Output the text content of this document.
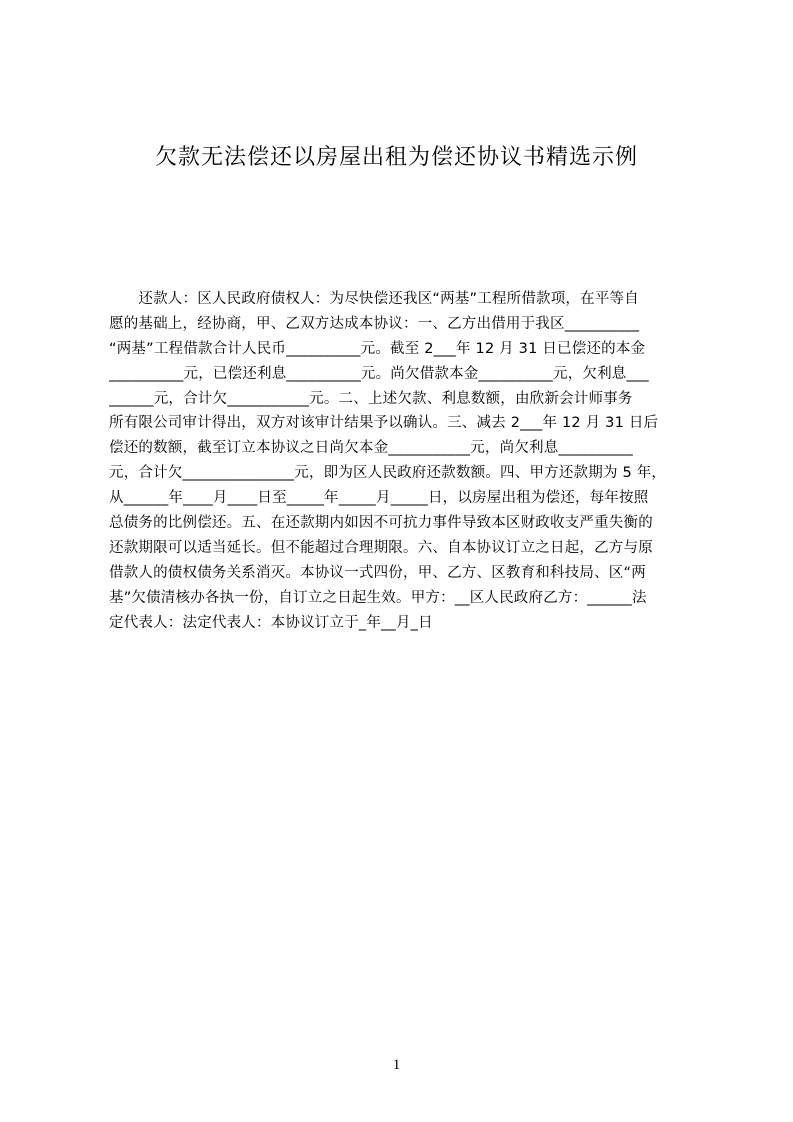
欠款无法偿还以房屋出租为偿还协议书精选示例
　　还款人：区人民政府债权人：为尽快偿还我区“两基”工程所借款项，在平等自
愿的基础上，经协商，甲、乙双方达成本协议：一、乙方出借用于我区__________
“两基”工程借款合计人民币__________元。截至 2___年 12 月 31 日已偿还的本金
__________元，已偿还利息__________元。尚欠借款本金__________元，欠利息___
______元，合计欠___________元。二、上述欠款、利息数额，由欣新会计师事务
所有限公司审计得出，双方对该审计结果予以确认。三、减去 2___年 12 月 31 日后
偿还的数额，截至订立本协议之日尚欠本金___________元，尚欠利息__________
元，合计欠_______________元，即为区人民政府还款数额。四、甲方还款期为 5 年，
从______年____月____日至_____年_____月_____日，以房屋出租为偿还，每年按照
总债务的比例偿还。五、在还款期内如因不可抗力事件导致本区财政收支严重失衡的
还款期限可以适当延长。但不能超过合理期限。六、自本协议订立之日起，乙方与原
借款人的债权债务关系消灭。本协议一式四份，甲、乙方、区教育和科技局、区“两
基”欠债清核办各执一份，自订立之日起生效。甲方：__区人民政府乙方：______法
定代表人：法定代表人：本协议订立于_年__月_日
1
